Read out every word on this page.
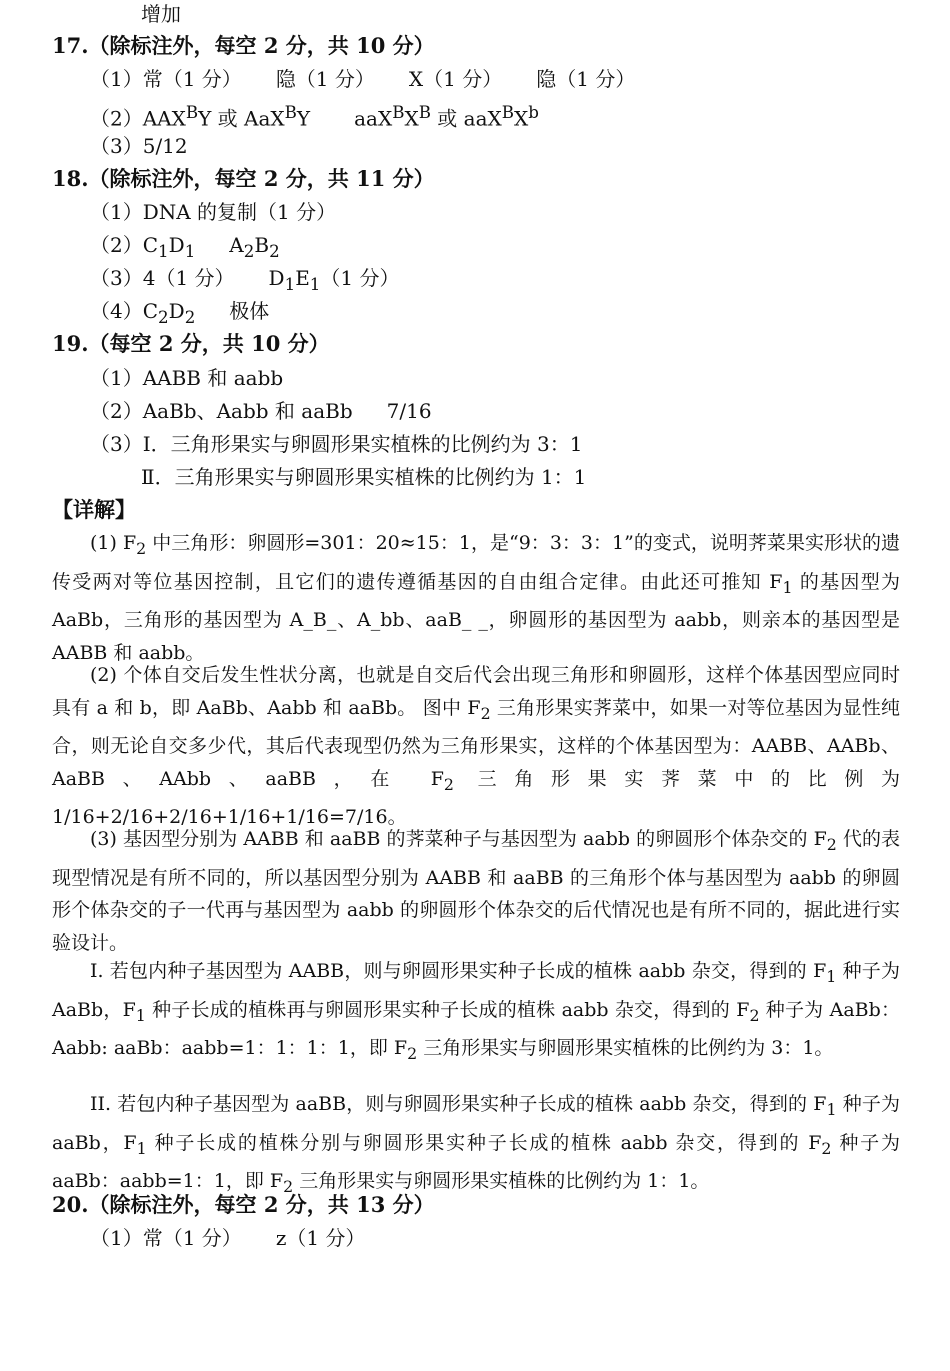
增加
17.（除标注外，每空 2 分，共 10 分）
（1）常（1 分） 隐（1 分） X（1 分） 隐（1 分）
$(2)AAX^BY$ 或 AaX$^B$Y $aaX^BX^B$ 或 $aaX^BX^b$
（3）5/12
18.（除标注外，每空 2 分，共 11 分）
（1）DNA 的复制（1 分）
$(2)C_1D_1$ $A_2B_2$
（3）4（1 分） $D_1E_1(1$ 分）
$(4)C_2D_2$ 极体
19.（每空 2 分，共 10 分）
（1）AABB 和 aabb
（2）AaBb、Aabb 和 aaBb 7/16
（3）Ⅰ．三角形果实与卵圆形果实植株的比例约为 3：1
Ⅱ．三角形果实与卵圆形果实植株的比例约为 1：1
【详解】

(1) $F_2$ 中三角形：卵圆形=301：20≈15：1，是“9：3：3：1”的变式，说明荠菜果实形状的遗传受两对等位基因控制，且它们的遗传遵循基因的自由组合定律。由此还可推知 $F_1$ 的基因型为 AaBb，三角形的基因型为 A_B_、A_bb、aaB_ _，卵圆形的基因型为 aabb，则亲本的基因型是 AABB 和 aabb。

(2) 个体自交后发生性状分离，也就是自交后代会出现三角形和卵圆形，这样个体基因型应同时具有 a 和 b，即 AaBb、Aabb 和 aaBb。 图中 $F_2$ 三角形果实荠菜中，如果一对等位基因为显性纯合，则无论自交多少代，其后代表现型仍然为三角形果实，这样的个体基因型为：AABB、AABb、AaBB、AAbb、aaBB，在 $F_2$ 三角形果实荠菜中的比例为 1/16+2/16+2/16+1/16+1/16=7/16。

(3) 基因型分别为 AABB 和 aaBB 的荠菜种子与基因型为 aabb 的卵圆形个体杂交的 $F_2$ 代的表现型情况是有所不同的，所以基因型分别为 AABB 和 aaBB 的三角形个体与基因型为 aabb 的卵圆形个体杂交的子一代再与基因型为 aabb 的卵圆形个体杂交的后代情况也是有所不同的，据此进行实验设计。

I. 若包内种子基因型为 AABB，则与卵圆形果实种子长成的植株 aabb 杂交，得到的 $F_1$ 种子为 AaBb，$F_1$ 种子长成的植株再与卵圆形果实种子长成的植株 aabb 杂交，得到的 $F_2$ 种子为 AaBb：Aabb: aaBb：aabb=1：1：1：1，即 $F_2$ 三角形果实与卵圆形果实植株的比例约为 3：1。

II. 若包内种子基因型为 aaBB，则与卵圆形果实种子长成的植株 aabb 杂交，得到的 $F_1$ 种子为 aaBb，$F_1$ 种子长成的植株分别与卵圆形果实种子长成的植株 aabb 杂交，得到的 $F_2$ 种子为 aaBb：aabb=1：1，即 $F_2$ 三角形果实与卵圆形果实植株的比例约为 1：1。

20.（除标注外，每空 2 分，共 13 分）
（1）常（1 分） z（1 分）
